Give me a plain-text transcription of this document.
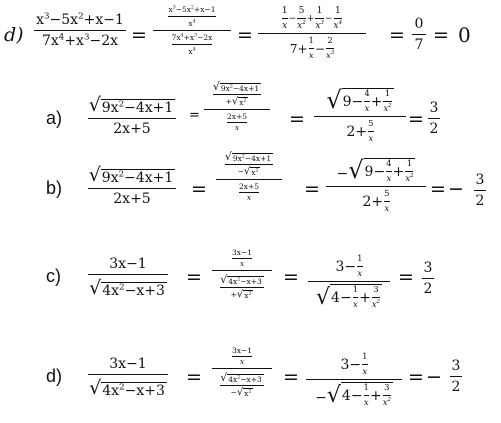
d)
$x^3-5x^2+x-1$
$7x^4+x^3-2x$ =
$\frac{x^3-5x^2+x-1}{x^4}$
$\frac{7x^4+x^3-2x}{x^4}$ =
$\frac{1}{x} - \frac{5}{x^2} + \frac{1}{x^3} - \frac{1}{x^4}$
$7+ \frac{1}{x} - \frac{2}{x^3}$
= 0
7 = 0
a)
√ $9x^2-4x+1$
2x+5
=
√ $9x^2-4x+1$
+ √ $x^2$
2x+5
x	=
√ $9- \frac{4}{x} + \frac{1}{x^2}$
$2+ \frac{5}{x} = 3$
2
b)
√ $9x^2-4x+1$
2x+5 =
√ $9x^2-4x+1$
− √ $x^2$
2x+5
x	=
− √ $9- \frac{4}{x} + \frac{1}{x^2}$
$2+ \frac{5}{x}$ = − 3
2
c)
3x−1
√ $4x^2-x+3$
=
3x−1
x
√ $4x^2-x+3$
+ √ $x^2$
=	$3- \frac{1}{x}$
√ $4- \frac{1}{x} + \frac{3}{x^2}$
= 3
2
d)
3x−1
√ $4x^2-x+3$
=
3x−1
x
√ $4x^2-x+3$
− √ $x^2$
=
$3- \frac{1}{x}$
− √ $4- \frac{1}{x} + \frac{3}{x^2}$
= − 3
2
